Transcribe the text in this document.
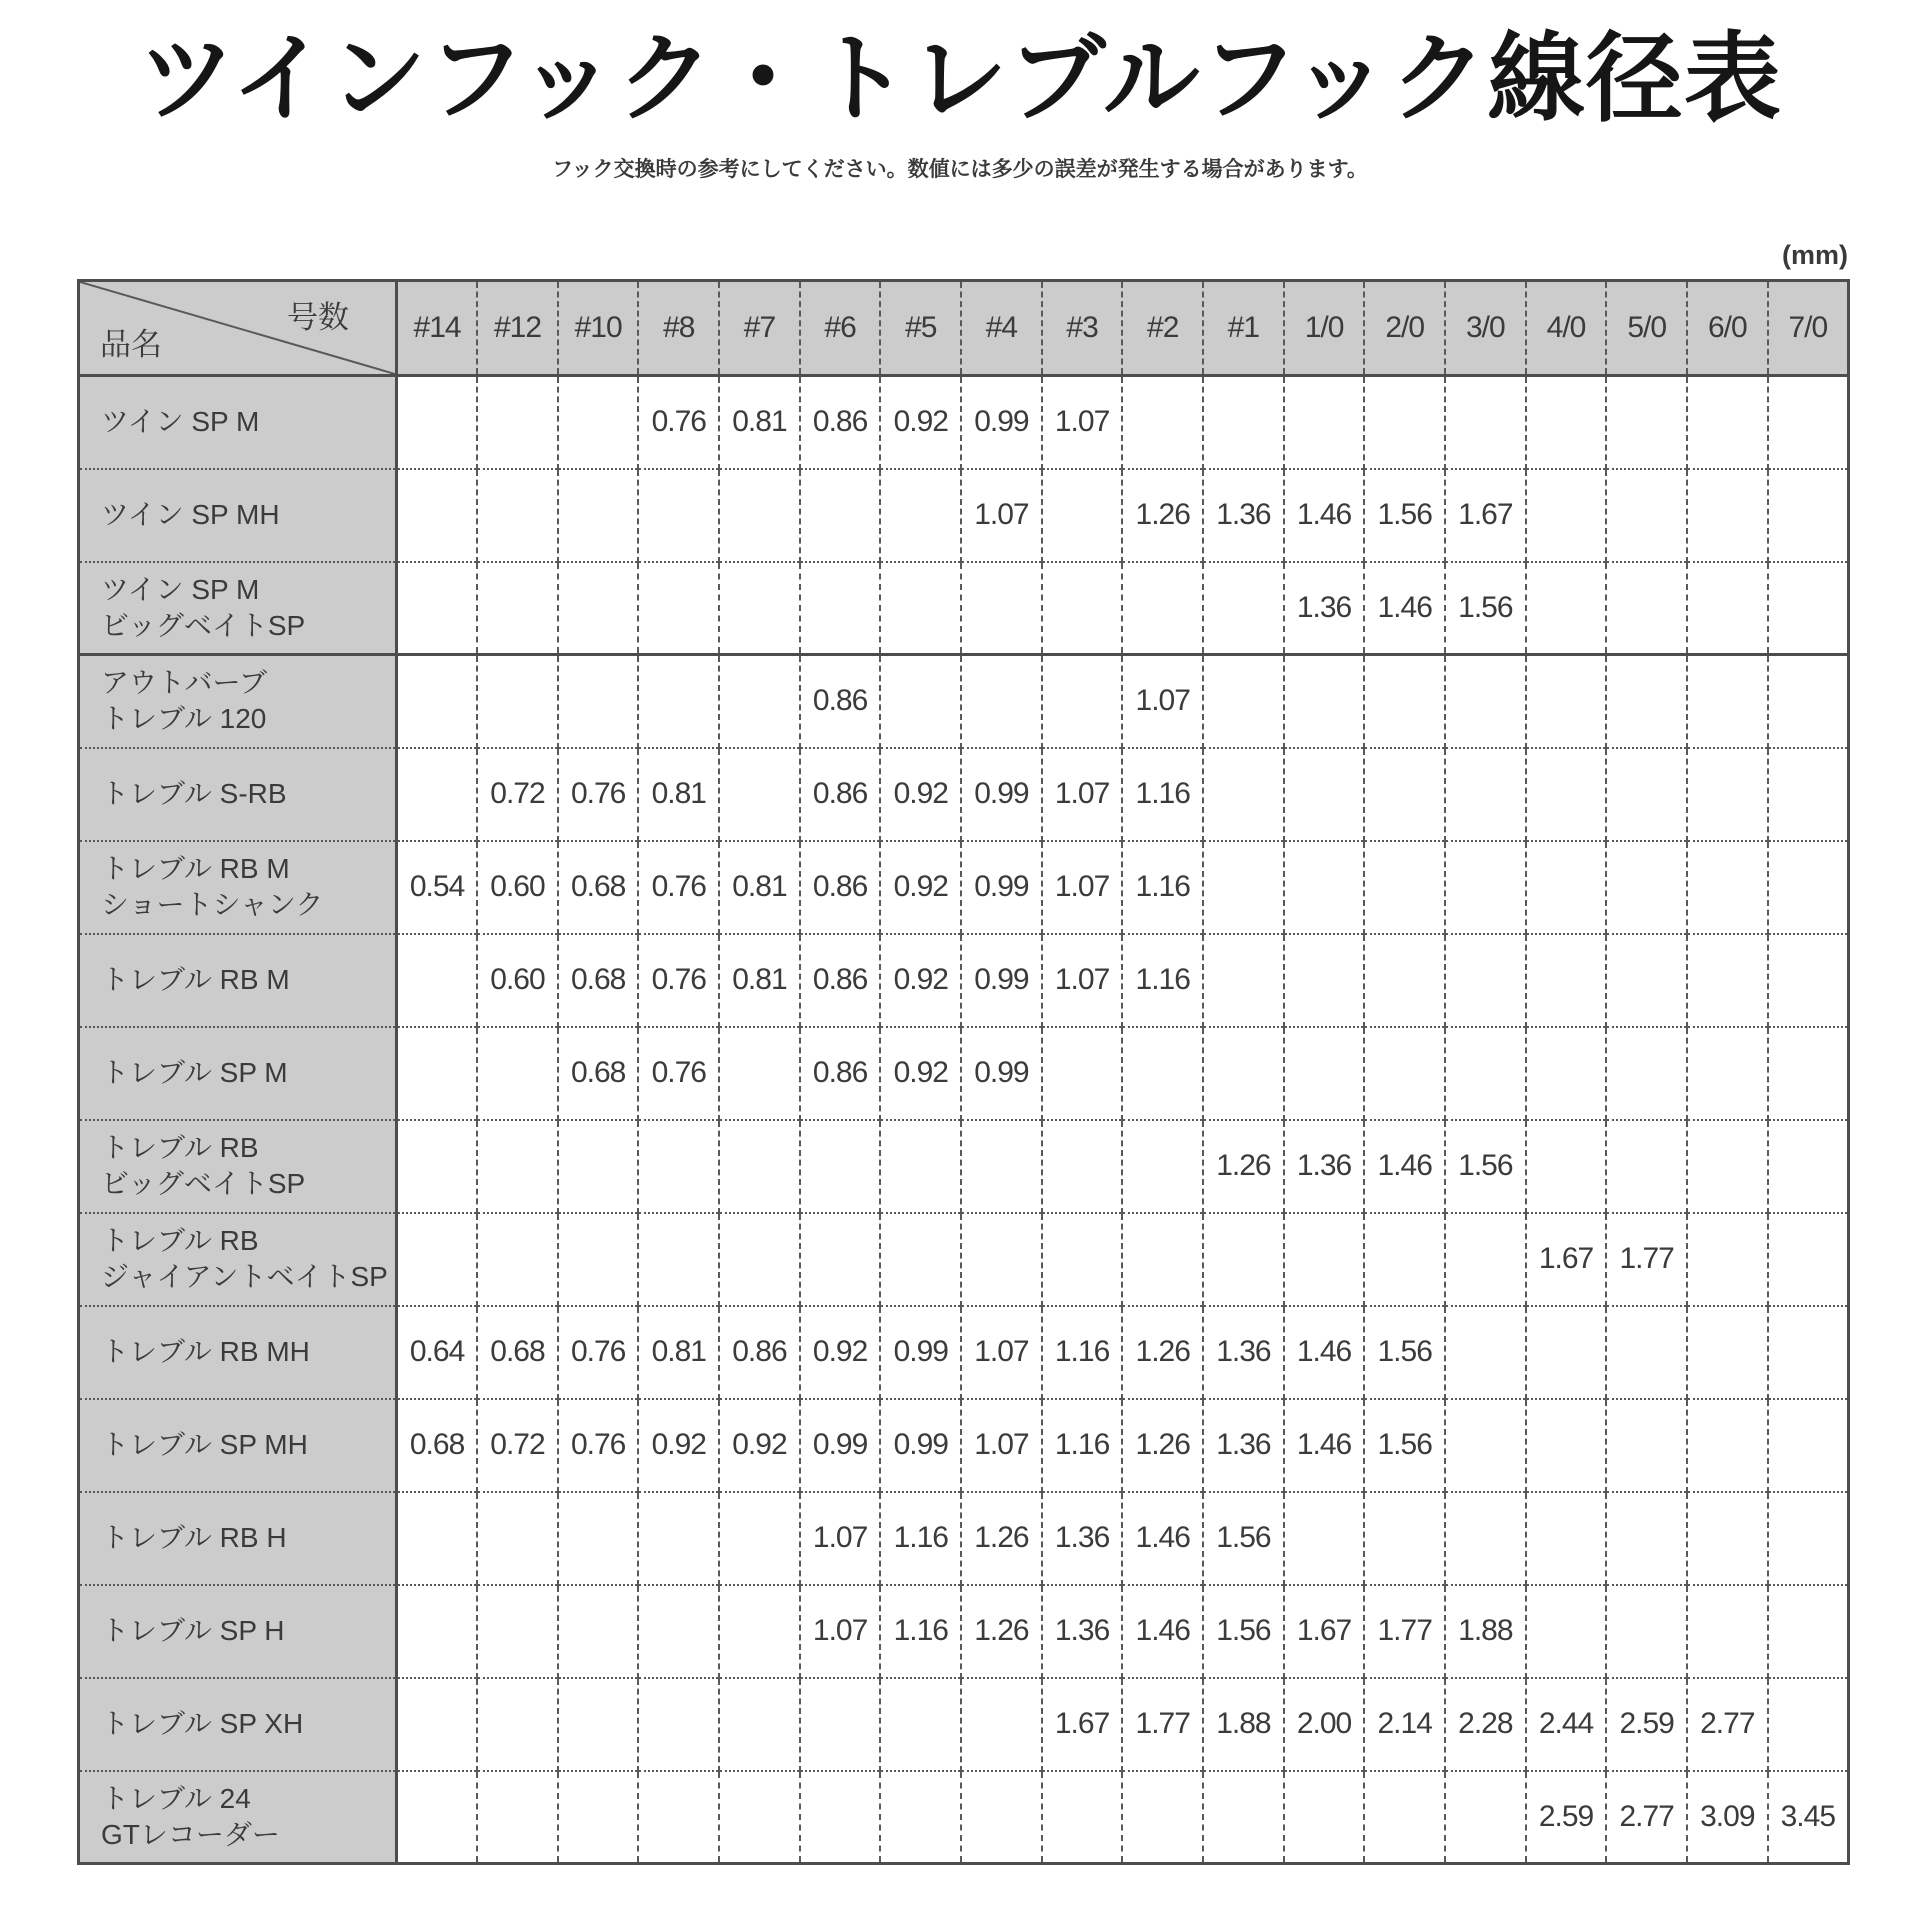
ツインフック・トレブルフック線径表
フック交換時の参考にしてください。数値には多少の誤差が発生する場合があります。
(mm)
号数
品名	#14	#12	#10	#8	#7	#6	#5	#4	#3	#2	#1	1/0	2/0	3/0	4/0	5/0	6/0	7/0
ツイン SP M				0.76	0.81	0.86	0.92	0.99	1.07									
ツイン SP MH								1.07		1.26	1.36	1.46	1.56	1.67				
ツイン SP M
ビッグベイトSP												1.36	1.46	1.56				
アウトバーブ
トレブル 120						0.86				1.07								
トレブル S-RB		0.72	0.76	0.81		0.86	0.92	0.99	1.07	1.16								
トレブル RB M
ショートシャンク	0.54	0.60	0.68	0.76	0.81	0.86	0.92	0.99	1.07	1.16								
トレブル RB M		0.60	0.68	0.76	0.81	0.86	0.92	0.99	1.07	1.16								
トレブル SP M			0.68	0.76		0.86	0.92	0.99										
トレブル RB
ビッグベイトSP											1.26	1.36	1.46	1.56				
トレブル RB
ジャイアントベイトSP															1.67	1.77		
トレブル RB MH	0.64	0.68	0.76	0.81	0.86	0.92	0.99	1.07	1.16	1.26	1.36	1.46	1.56					
トレブル SP MH	0.68	0.72	0.76	0.92	0.92	0.99	0.99	1.07	1.16	1.26	1.36	1.46	1.56					
トレブル RB H						1.07	1.16	1.26	1.36	1.46	1.56							
トレブル SP H						1.07	1.16	1.26	1.36	1.46	1.56	1.67	1.77	1.88				
トレブル SP XH									1.67	1.77	1.88	2.00	2.14	2.28	2.44	2.59	2.77	
トレブル 24
GTレコーダー															2.59	2.77	3.09	3.45
